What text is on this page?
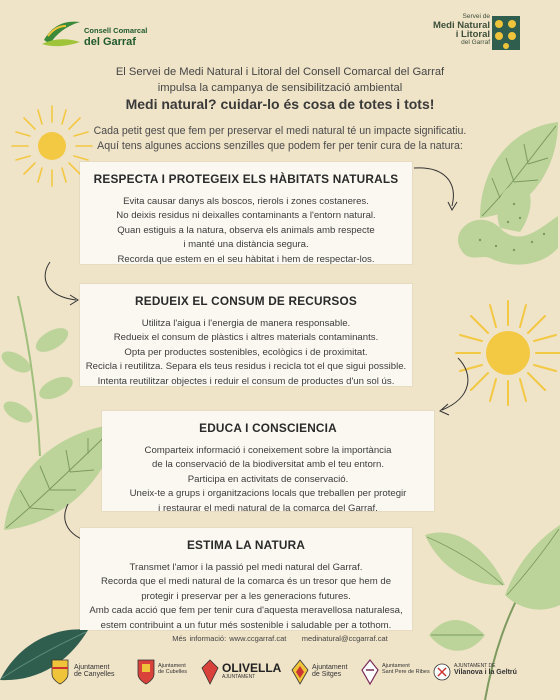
Consell Comarcal
del Garraf
Servei de
Medi Natural
i Litoral
del Garraf
El Servei de Medi Natural i Litoral del Consell Comarcal del Garraf
impulsa la campanya de sensibilització ambiental
Medi natural? cuidar-lo és cosa de totes i tots!
Cada petit gest que fem per preservar el medi natural té un impacte significatiu.
Aquí tens algunes accions senzilles que podem fer per tenir cura de la natura:
RESPECTA I PROTEGEIX ELS HÀBITATS NATURALS

Evita causar danys als boscos, rierols i zones costaneres.

No deixis residus ni deixalles contaminants a l'entorn natural.

Quan estiguis a la natura, observa els animals amb respecte

i manté una distància segura.

Recorda que estem en el seu hàbitat i hem de respectar-los.

REDUEIX EL CONSUM DE RECURSOS

Utilitza l'aigua i l'energia de manera responsable.

Redueix el consum de plàstics i altres materials contaminants.

Opta per productes sostenibles, ecològics i de proximitat.

Recicla i reutilitza. Separa els teus residus i recicla tot el que sigui possible.

Intenta reutilitzar objectes i reduir el consum de productes d'un sol ús.

EDUCA I CONSCIENCIA

Comparteix informació i coneixement sobre la importància

de la conservació de la biodiversitat amb el teu entorn.

Participa en activitats de conservació.

Uneix-te a grups i organitzacions locals que treballen per protegir

i restaurar el medi natural de la comarca del Garraf.

ESTIMA LA NATURA

Transmet l'amor i la passió pel medi natural del Garraf.

Recorda que el medi natural de la comarca és un tresor que hem de

protegir i preservar per a les generacions futures.

Amb cada acció que fem per tenir cura d'aquesta meravellosa naturalesa,

estem contribuint a un futur més sostenible i saludable per a tothom.

Més informació: www.ccgarraf.cat medinatural@ccgarraf.cat
Ajuntament
de Canyelles
Ajuntament
de Cubelles	OLIVELLA
AJUNTAMENT
Ajuntament
de Sitges
Ajuntament
Sant Pere de Ribes
AJUNTAMENT DE
Vilanova i la Geltrú
